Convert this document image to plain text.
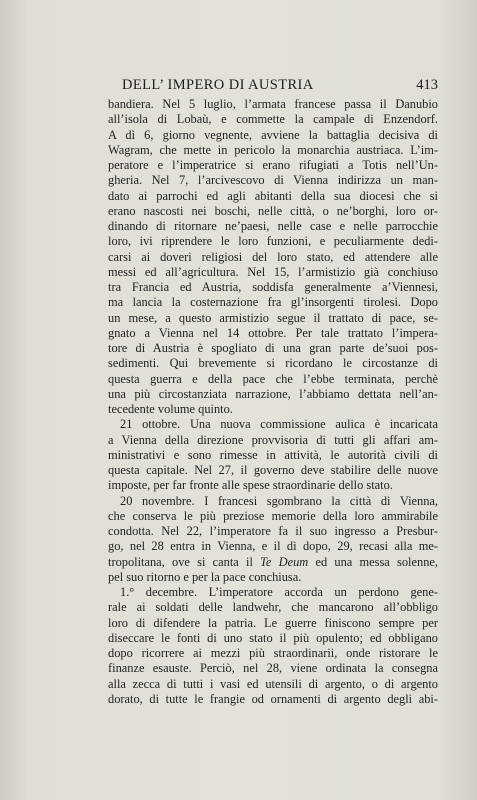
DELL’ IMPERO DI AUSTRIA	413
bandiera. Nel 5 luglio, l’armata francese passa il Danubio
all’isola di Lobaù, e commette la campale di Enzendorf.
A dì 6, giorno vegnente, avviene la battaglia decisiva di
Wagram, che mette in pericolo la monarchia austriaca. L’im-
peratore e l’imperatrice si erano rifugiati a Totis nell’Un-
gheria. Nel 7, l’arcivescovo di Vienna indirizza un man-
dato ai parrochi ed agli abitanti della sua diocesi che si
erano nascosti nei boschi, nelle città, o ne’borghi, loro or-
dinando di ritornare ne’paesi, nelle case e nelle parrocchie
loro, ivi riprendere le loro funzioni, e peculiarmente dedi-
carsi ai doveri religiosi del loro stato, ed attendere alle
messi ed all’agricultura. Nel 15, l’armistizio già conchiuso
tra Francia ed Austria, soddisfa generalmente a’Viennesi,
ma lancia la costernazione fra gl’insorgenti tirolesi. Dopo
un mese, a questo armistizio segue il trattato di pace, se-
gnato a Vienna nel 14 ottobre. Per tale trattato l’impera-
tore di Austria è spogliato di una gran parte de’suoi pos-
sedimenti. Qui brevemente si ricordano le circostanze di
questa guerra e della pace che l’ebbe terminata, perchè
una più circostanziata narrazione, l’abbiamo dettata nell’an-
tecedente volume quinto.
21 ottobre. Una nuova commissione aulica è incaricata
a Vienna della direzione provvisoria di tutti gli affari am-
ministrativi e sono rimesse in attività, le autorità civili di
questa capitale. Nel 27, il governo deve stabilire delle nuove
imposte, per far fronte alle spese straordinarie dello stato.
20 novembre. I francesi sgombrano la città di Vienna,
che conserva le più preziose memorie della loro ammirabile
condotta. Nel 22, l’imperatore fa il suo ingresso a Presbur-
go, nel 28 entra in Vienna, e il dì dopo, 29, recasi alla me-
tropolitana, ove si canta il Te Deum ed una messa solenne,
pel suo ritorno e per la pace conchiusa.
1.° decembre. L’imperatore accorda un perdono gene-
rale ai soldati delle landwehr, che mancarono all’obbligo
loro di difendere la patria. Le guerre finiscono sempre per
diseccare le fonti di uno stato il più opulento; ed obbligano
dopo ricorrere ai mezzi più straordinarii, onde ristorare le
finanze esauste. Perciò, nel 28, viene ordinata la consegna
alla zecca di tutti i vasi ed utensili di argento, o di argento
dorato, di tutte le frangie od ornamenti di argento degli abi-
